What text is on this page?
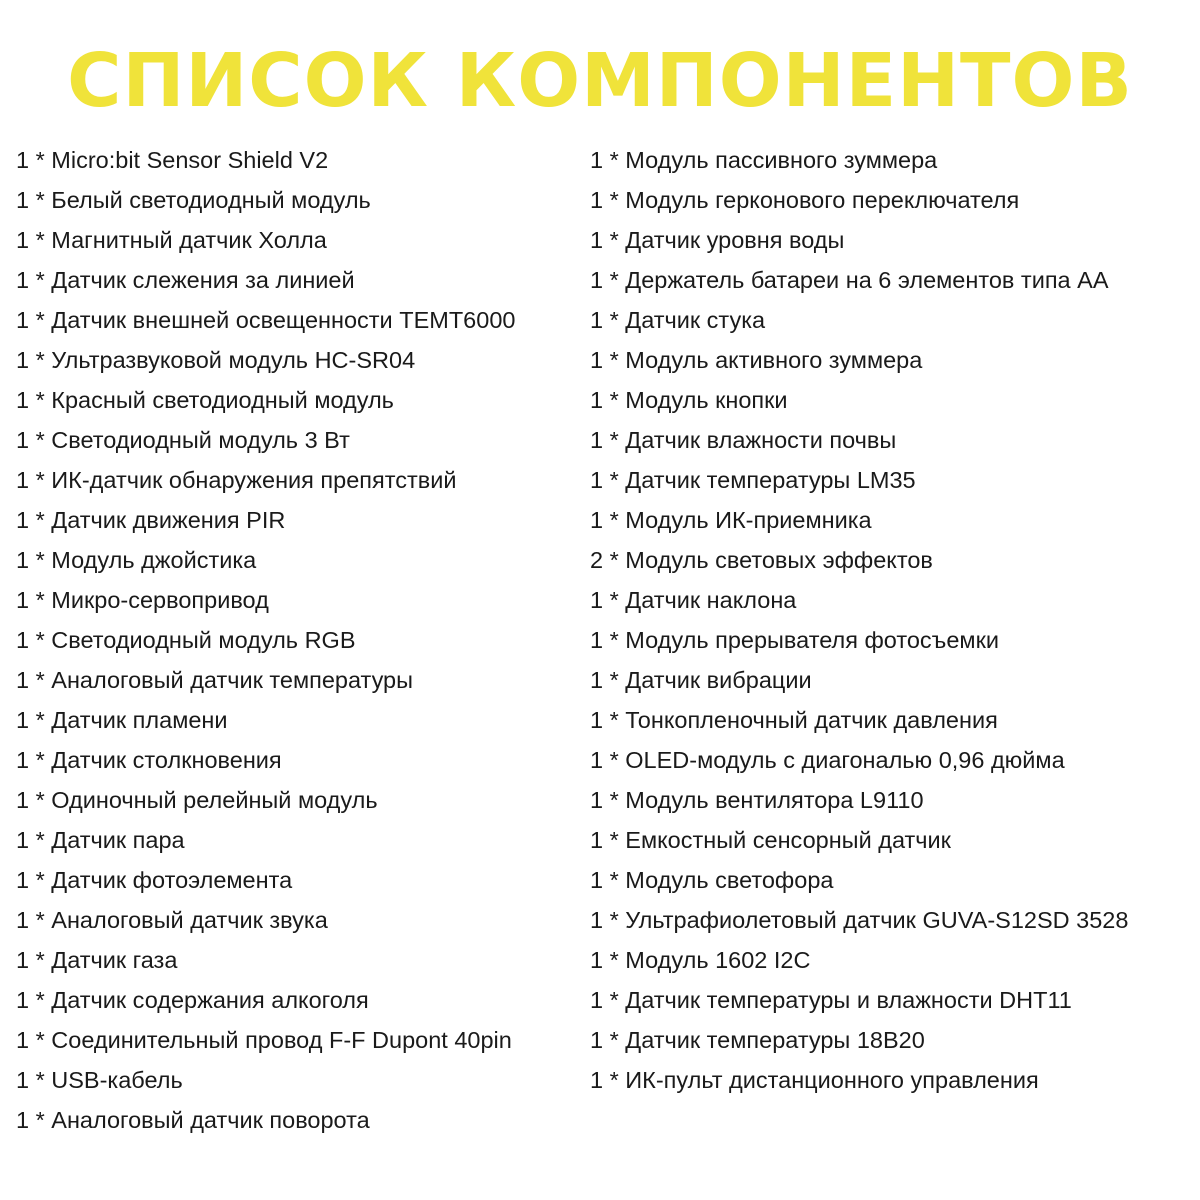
СПИСОК КОМПОНЕНТОВ
1 * Micro:bit Sensor Shield V2
1 * Белый светодиодный модуль
1 * Магнитный датчик Холла
1 * Датчик слежения за линией
1 * Датчик внешней освещенности TEMT6000
1 * Ультразвуковой модуль HC-SR04
1 * Красный светодиодный модуль
1 * Светодиодный модуль 3 Вт
1 * ИК-датчик обнаружения препятствий
1 * Датчик движения PIR
1 * Модуль джойстика
1 * Микро-сервопривод
1 * Светодиодный модуль RGB
1 * Аналоговый датчик температуры
1 * Датчик пламени
1 * Датчик столкновения
1 * Одиночный релейный модуль
1 * Датчик пара
1 * Датчик фотоэлемента
1 * Аналоговый датчик звука
1 * Датчик газа
1 * Датчик содержания алкоголя
1 * Соединительный провод F-F Dupont 40pin
1 * USB-кабель
1 * Аналоговый датчик поворота
1 * Модуль пассивного зуммера
1 * Модуль герконового переключателя
1 * Датчик уровня воды
1 * Держатель батареи на 6 элементов типа АА
1 * Датчик стука
1 * Модуль активного зуммера
1 * Модуль кнопки
1 * Датчик влажности почвы
1 * Датчик температуры LM35
1 * Модуль ИК-приемника
2 * Модуль световых эффектов
1 * Датчик наклона
1 * Модуль прерывателя фотосъемки
1 * Датчик вибрации
1 * Тонкопленочный датчик давления
1 * OLED-модуль с диагональю 0,96 дюйма
1 * Модуль вентилятора L9110
1 * Емкостный сенсорный датчик
1 * Модуль светофора
1 * Ультрафиолетовый датчик GUVA-S12SD 3528
1 * Модуль 1602 I2C
1 * Датчик температуры и влажности DHT11
1 * Датчик температуры 18B20
1 * ИК-пульт дистанционного управления
